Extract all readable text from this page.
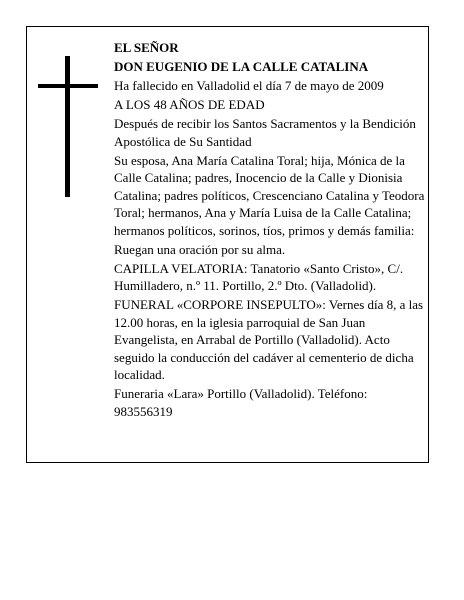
EL SEÑOR

DON EUGENIO DE LA CALLE CATALINA

Ha fallecido en Valladolid el día 7 de mayo de 2009

A LOS 48 AÑOS DE EDAD

Después de recibir los Santos Sacramentos y la Bendición Apostólica de Su Santidad

Su esposa, Ana María Catalina Toral; hija, Mónica de la Calle Catalina; padres, Inocencio de la Calle y Dionisia Catalina; padres políticos, Crescenciano Catalina y Teodora Toral; hermanos, Ana y María Luisa de la Calle Catalina; hermanos políticos, sorinos, tíos, primos y demás familia:

Ruegan una oración por su alma.

CAPILLA VELATORIA: Tanatorio «Santo Cristo», C/. Humilladero, n.º 11. Portillo, 2.º Dto. (Valladolid).

FUNERAL «CORPORE INSEPULTO»: Vernes día 8, a las 12.00 horas, en la iglesia parroquial de San Juan Evangelista, en Arrabal de Portillo (Valladolid). Acto seguido la conducción del cadáver al cementerio de dicha localidad.

Funeraria «Lara» Portillo (Valladolid). Teléfono: 983556319
